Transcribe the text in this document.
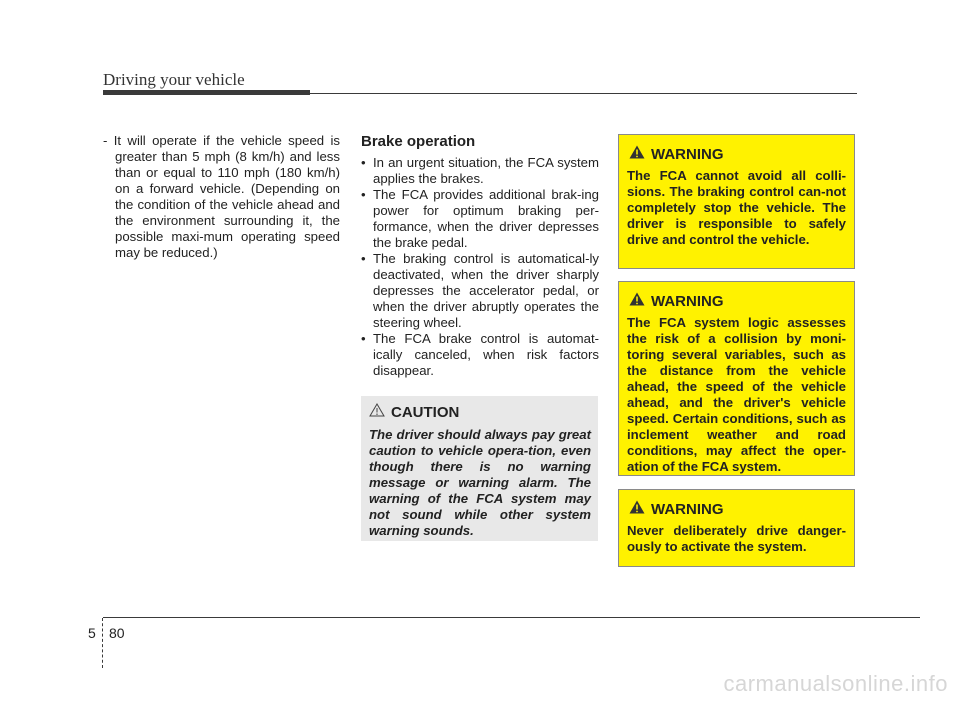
Driving your vehicle
- It will operate if the vehicle speed is greater than 5 mph (8 km/h) and less than or equal to 110 mph (180 km/h) on a forward vehicle. (Depending on the condition of the vehicle ahead and the environment surrounding it, the possible maxi-mum operating speed may be reduced.)
Brake operation
• In an urgent situation, the FCA system applies the brakes.
• The FCA provides additional brak-ing power for optimum braking per-formance, when the driver depresses the brake pedal.
• The braking control is automatical-ly deactivated, when the driver sharply depresses the accelerator pedal, or when the driver abruptly operates the steering wheel.
• The FCA brake control is automat-ically canceled, when risk factors disappear.
CAUTION
The driver should always pay great caution to vehicle opera-tion, even though there is no warning message or warning alarm. The warning of the FCA system may not sound while other system warning sounds.
WARNING
The FCA cannot avoid all colli-sions. The braking control can-not completely stop the vehicle. The driver is responsible to safely drive and control the vehicle.
WARNING
The FCA system logic assesses the risk of a collision by moni-toring several variables, such as the distance from the vehicle ahead, the speed of the vehicle ahead, and the driver's vehicle speed. Certain conditions, such as inclement weather and road conditions, may affect the oper-ation of the FCA system.
WARNING
Never deliberately drive danger-ously to activate the system.
5 80
carmanualsonline.info
